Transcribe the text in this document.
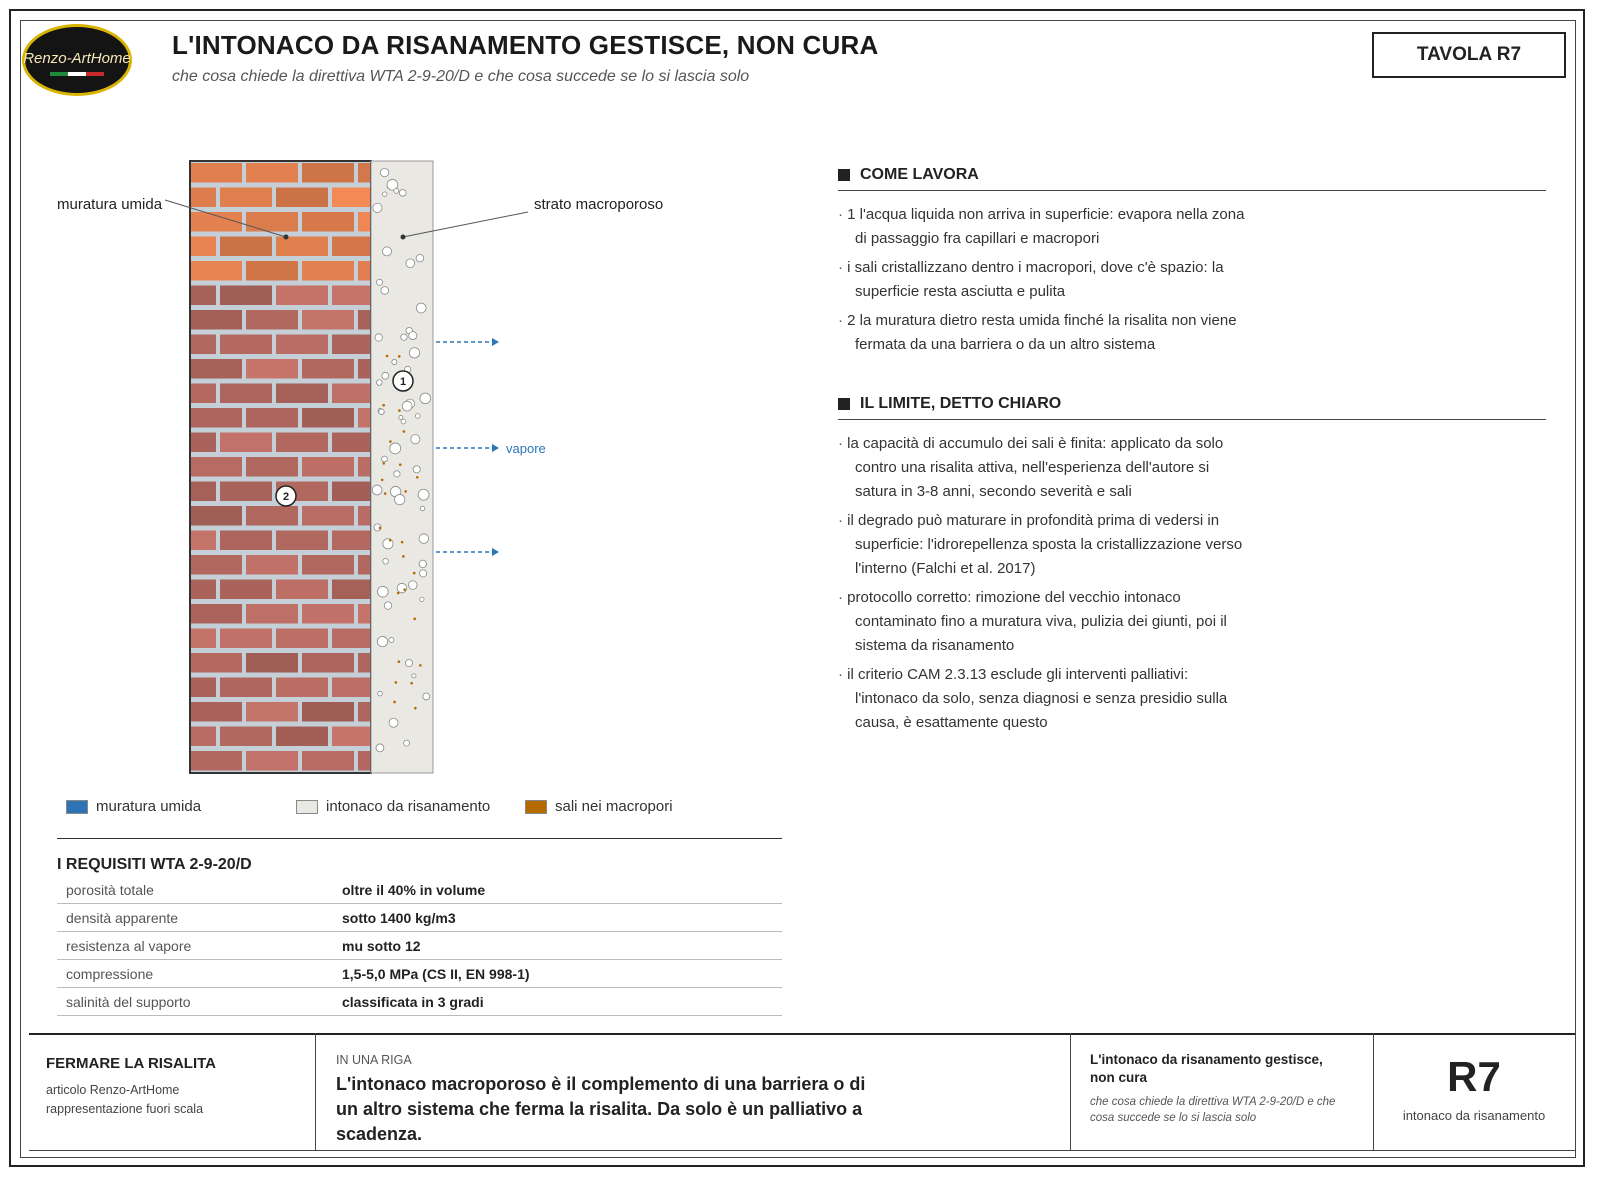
Renzo-ArtHome L'INTONACO DA RISANAMENTO GESTISCE, NON CURA
che cosa chiede la direttiva WTA 2-9-20/D e che cosa succede se lo si lascia solo
TAVOLA R7
1
2
muratura umida	strato macroporoso
vapore
muratura umida	intonaco da risanamento	sali nei macropori
I REQUISITI WTA 2-9-20/D
porosità totale	oltre il 40% in volume
densità apparente	sotto 1400 kg/m3
resistenza al vapore	mu sotto 12
compressione	1,5-5,0 MPa (CS II, EN 998-1)
salinità del supporto	classificata in 3 gradi
COME LAVORA
· 1 l'acqua liquida non arriva in superficie: evapora nella zona di passaggio fra capillari e macropori
· i sali cristallizzano dentro i macropori, dove c'è spazio: la superficie resta asciutta e pulita
· 2 la muratura dietro resta umida finché la risalita non viene fermata da una barriera o da un altro sistema
IL LIMITE, DETTO CHIARO
· la capacità di accumulo dei sali è finita: applicato da solo contro una risalita attiva, nell'esperienza dell'autore si satura in 3-8 anni, secondo severità e sali
· il degrado può maturare in profondità prima di vedersi in superficie: l'idrorepellenza sposta la cristallizzazione verso l'interno (Falchi et al. 2017)
· protocollo corretto: rimozione del vecchio intonaco contaminato fino a muratura viva, pulizia dei giunti, poi il sistema da risanamento
· il criterio CAM 2.3.13 esclude gli interventi palliativi: l'intonaco da solo, senza diagnosi e senza presidio sulla causa, è esattamente questo
FERMARE LA RISALITA
articolo Renzo-ArtHome
rappresentazione fuori scala
IN UNA RIGA
L'intonaco macroporoso è il complemento di una barriera o di un altro sistema che ferma la risalita. Da solo è un palliativo a scadenza.
L'intonaco da risanamento gestisce, non cura
che cosa chiede la direttiva WTA 2-9-20/D e che cosa succede se lo si lascia solo
R7
intonaco da risanamento
